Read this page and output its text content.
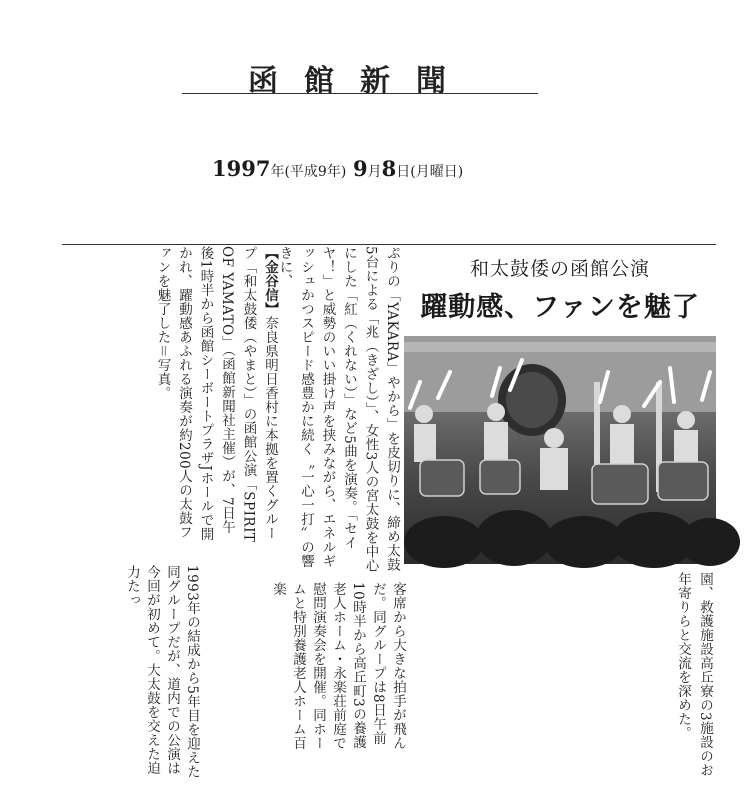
函館新聞
1997年(平成9年) 9月8日(月曜日)
和太鼓倭の函館公演
躍動感、ファンを魅了
【金谷信】奈良県明日香村に本拠を置くグループ「和太鼓倭（やまと）」の函館公演「SPIRIT OF YAMATO」（函館新聞社主催）が、7日午後1時半から函館シーボートプラザJホールで開かれ、躍動感あふれる演奏が約200人の太鼓ファンを魅了した＝写真。
1993年の結成から5年目を迎えた同グループだが、道内での公演は今回が初めて。大太鼓を交えた迫力たっ
ぷりの「YAKARA」やから」を皮切りに、締め太鼓5台による「兆（きざし）」、女性3人の宮太鼓を中心にした「紅（くれない）」など5曲を演奏。「セイヤ！」と威勢のいい掛け声を挟みながら、エネルギッシュかつスピード感豊かに続く〝一心一打〟の響きに、
客席から大きな拍手が飛んだ。同グループは8日午前10時半から高丘町3の養護老人ホーム・永楽荘前庭で慰問演奏会を開催。同ホームと特別養護老人ホーム百楽	園、救護施設高丘寮の3施設のお年寄りらと交流を深めた。
